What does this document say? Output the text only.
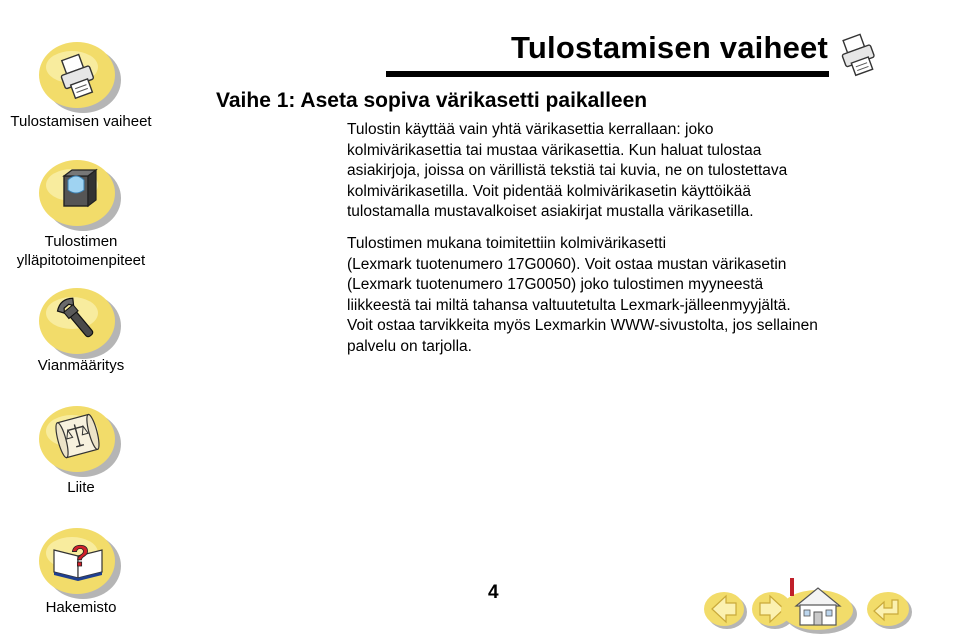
Tulostamisen vaiheet
Tulostimen
ylläpitotoimenpiteet
Vianmääritys
Liite
?
Hakemisto
Tulostamisen vaiheet
Vaihe 1: Aseta sopiva värikasetti paikalleen
Tulostin käyttää vain yhtä värikasettia kerrallaan: joko
kolmivärikasettia tai mustaa värikasettia. Kun haluat tulostaa
asiakirjoja, joissa on värillistä tekstiä tai kuvia, ne on tulostettava
kolmivärikasetilla. Voit pidentää kolmivärikasetin käyttöikää
tulostamalla mustavalkoiset asiakirjat mustalla värikasetilla.
Tulostimen mukana toimitettiin kolmivärikasetti
(Lexmark tuotenumero 17G0060). Voit ostaa mustan värikasetin
(Lexmark tuotenumero 17G0050) joko tulostimen myyneestä
liikkeestä tai miltä tahansa valtuutetulta Lexmark-jälleenmyyjältä.
Voit ostaa tarvikkeita myös Lexmarkin WWW-sivustolta, jos sellainen
palvelu on tarjolla.
4
